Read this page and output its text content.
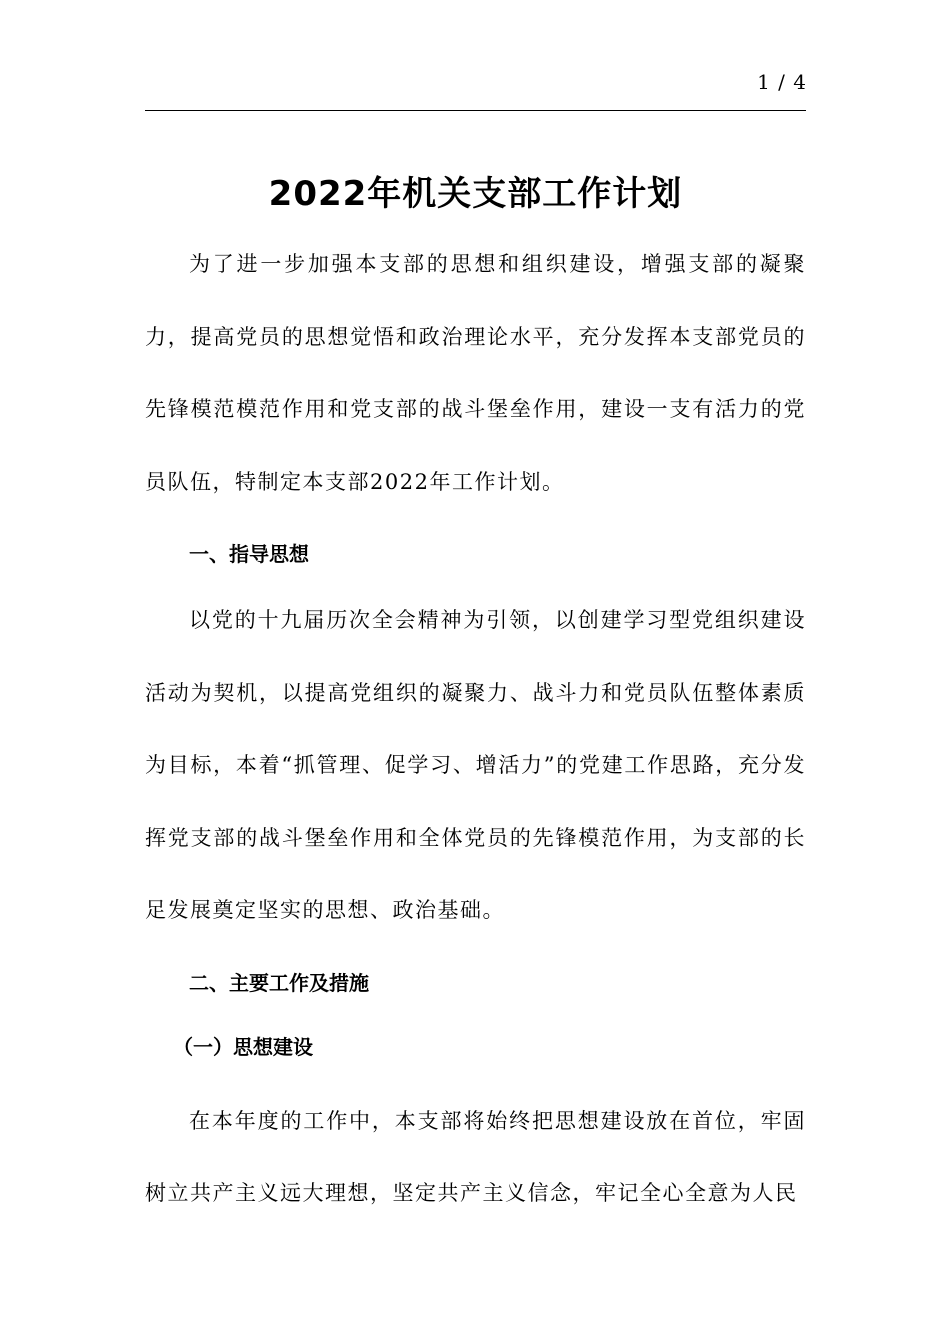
1 / 4
2022年机关支部工作计划

为了进一步加强本支部的思想和组织建设，增强支部的凝聚力，提高党员的思想觉悟和政治理论水平，充分发挥本支部党员的先锋模范模范作用和党支部的战斗堡垒作用，建设一支有活力的党员队伍，特制定本支部2022年工作计划。

一、指导思想

以党的十九届历次全会精神为引领，以创建学习型党组织建设活动为契机，以提高党组织的凝聚力、战斗力和党员队伍整体素质为目标，本着“抓管理、促学习、增活力”的党建工作思路，充分发挥党支部的战斗堡垒作用和全体党员的先锋模范作用，为支部的长足发展奠定坚实的思想、政治基础。

二、主要工作及措施
（一）思想建设

在本年度的工作中，本支部将始终把思想建设放在首位，牢固树立共产主义远大理想，坚定共产主义信念，牢记全心全意为人民
